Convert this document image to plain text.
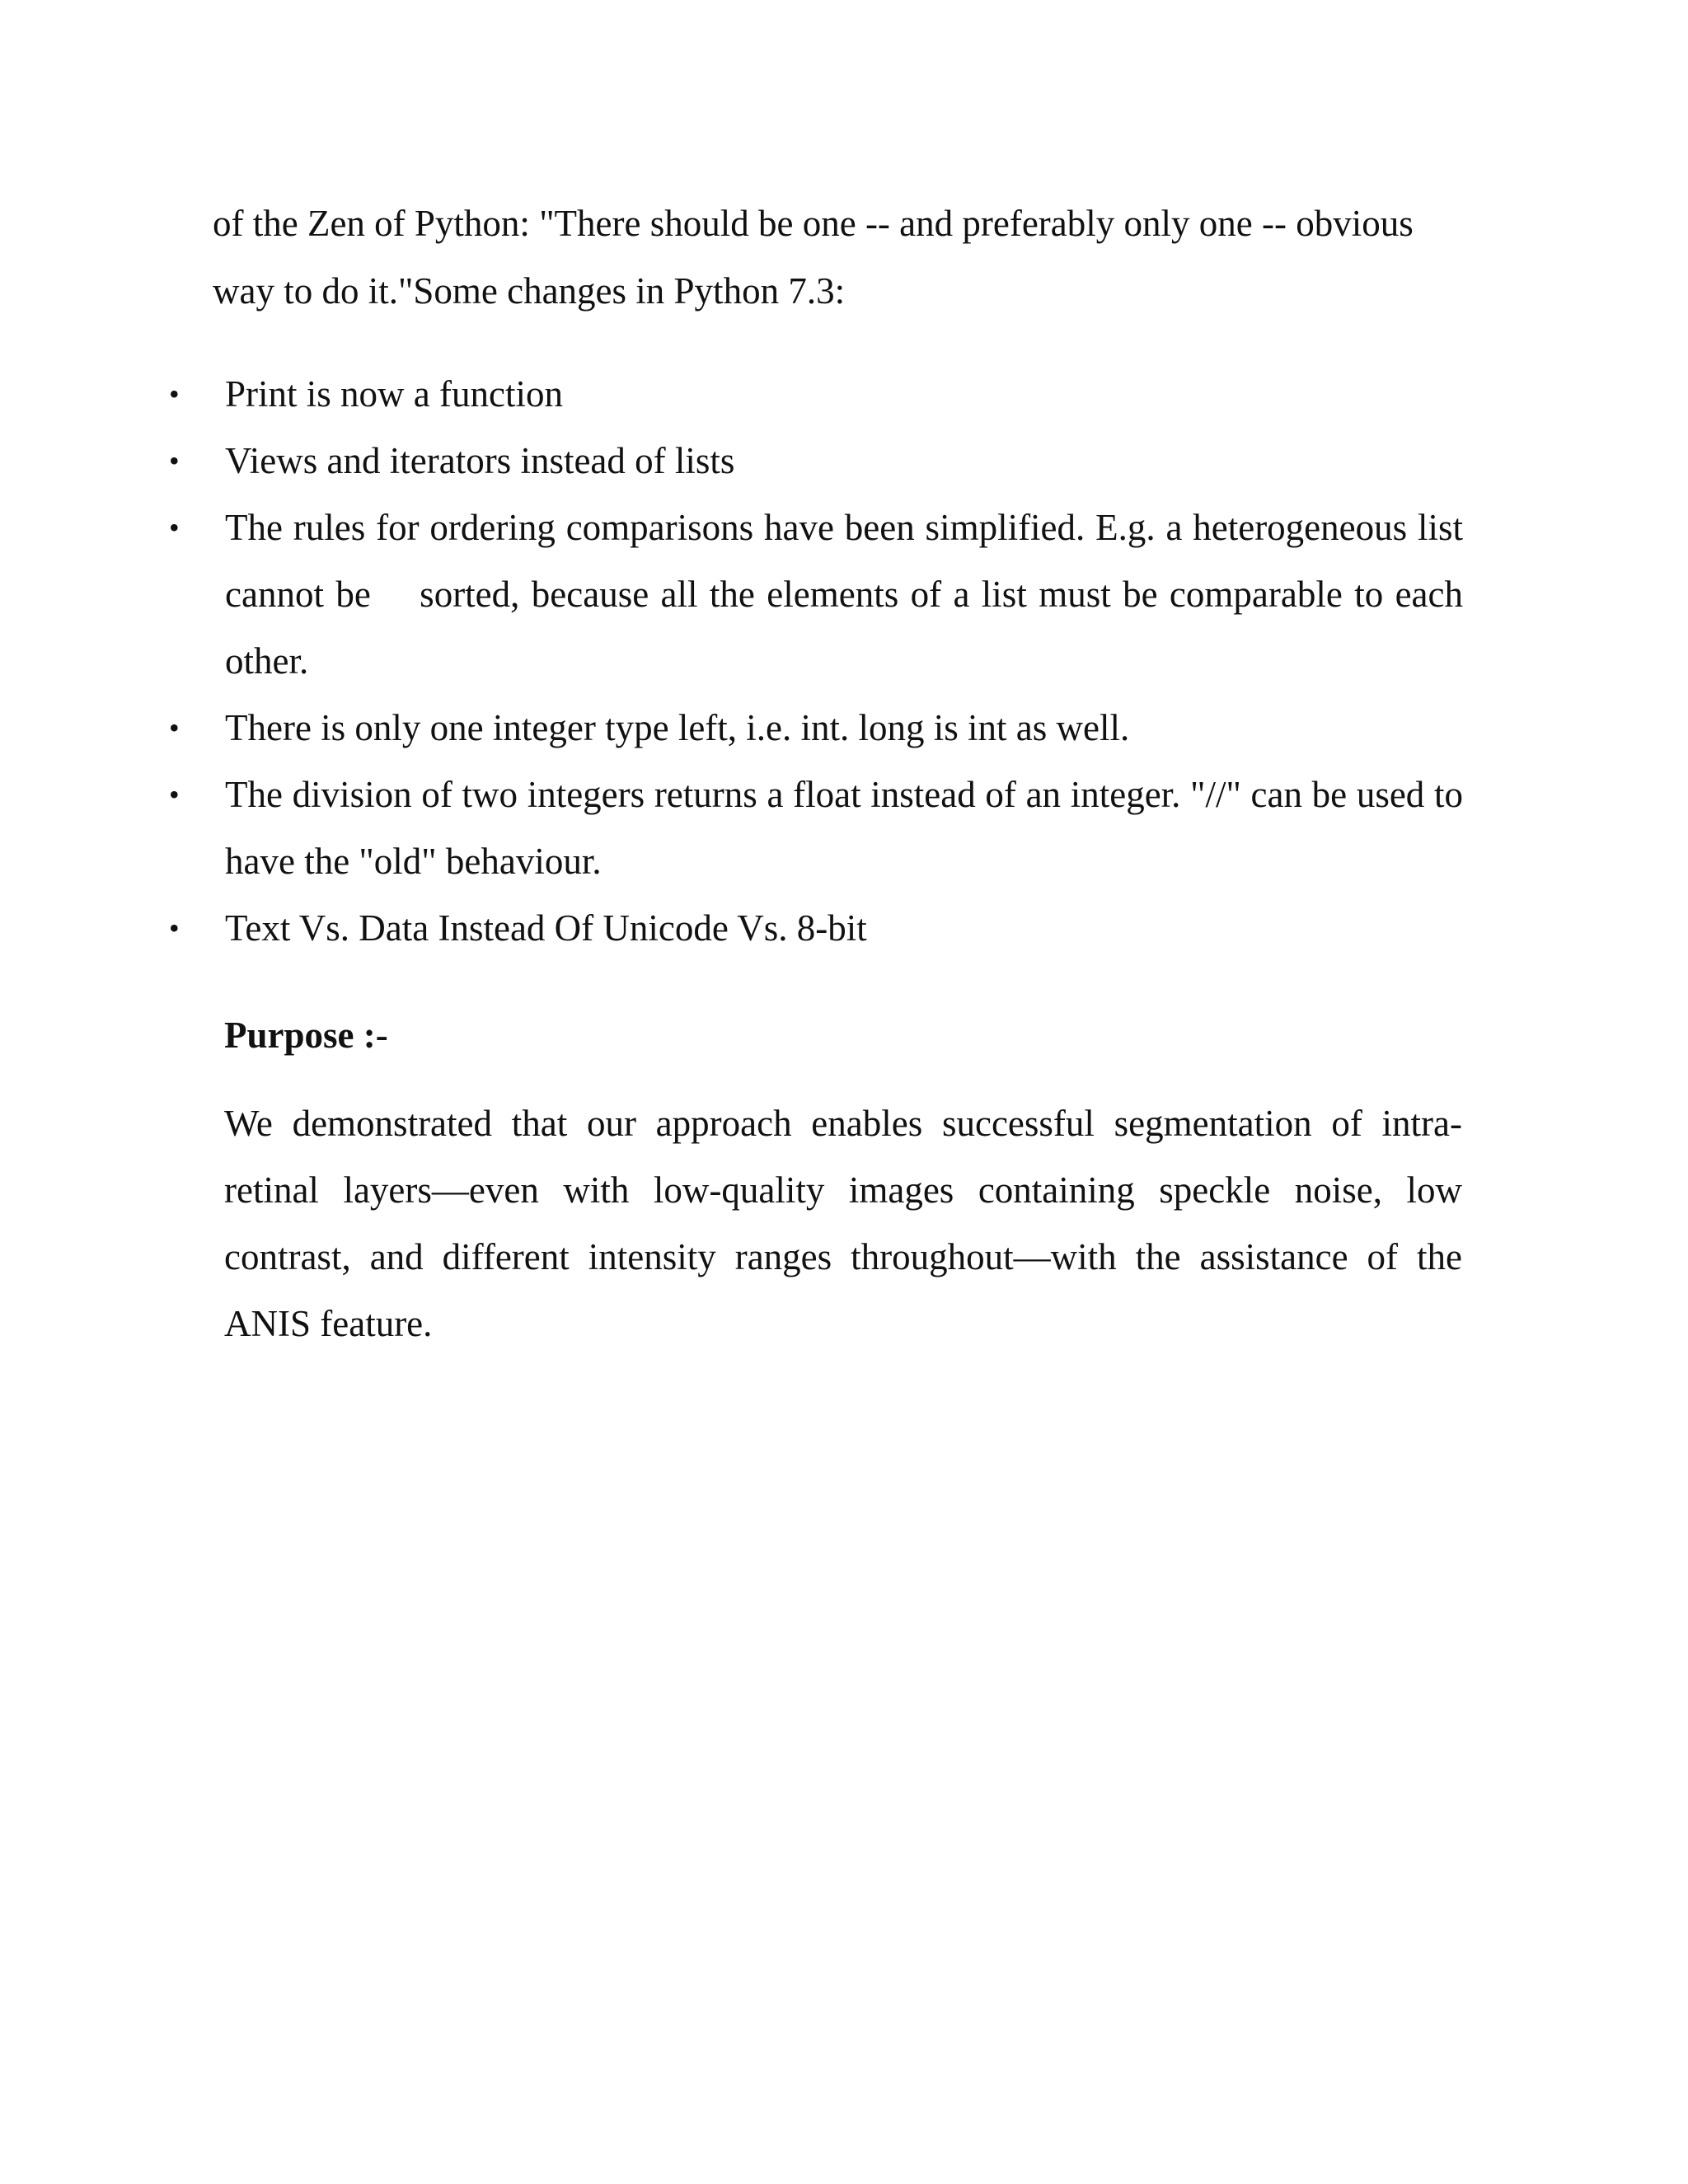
of the Zen of Python: "There should be one -- and preferably only one -- obvious way to do it."Some changes in Python 7.3:

•	Print is now a function
•	Views and iterators instead of lists
•	The rules for ordering comparisons have been simplified. E.g. a heterogeneous list cannot be  sorted, because all the elements of a list must be comparable to each other.
•	There is only one integer type left, i.e. int. long is int as well.
•	The division of two integers returns a float instead of an integer. "//" can be used to have the "old" behaviour.
•	Text Vs. Data Instead Of Unicode Vs. 8-bit
Purpose :-

We demonstrated that our approach enables successful segmentation of intra-retinal layers—even with low-quality images containing speckle noise, low contrast, and different intensity ranges throughout—with the assistance of the ANIS feature.
